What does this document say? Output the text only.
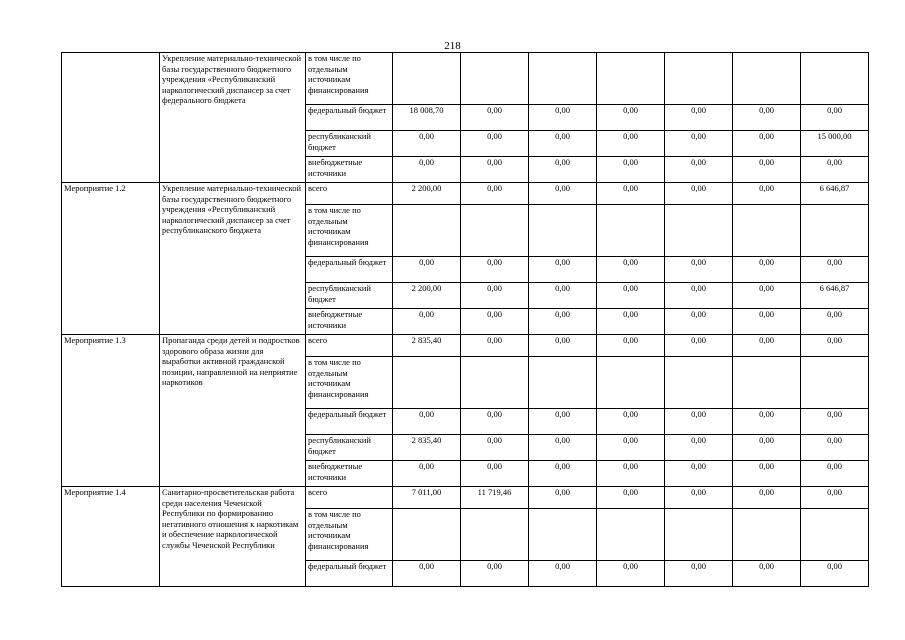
218
	Укрепление материально-технической базы государственного бюджетного учреждения «Республиканский наркологический диспансер за счет федерального бюджета	в том числе по отдельным источникам финансирования							
		федеральный бюджет	18 008,70	0,00	0,00	0,00	0,00	0,00	0,00
		республиканский бюджет	0,00	0,00	0,00	0,00	0,00	0,00	15 000,00
		внебюджетные источники	0,00	0,00	0,00	0,00	0,00	0,00	0,00
Мероприятие 1.2	Укрепление материально-технической базы государственного бюджетного учреждения «Республиканский наркологический диспансер за счет республиканского бюджета	всего	2 200,00	0,00	0,00	0,00	0,00	0,00	6 646,87
		в том числе по отдельным источникам финансирования							
		федеральный бюджет	0,00	0,00	0,00	0,00	0,00	0,00	0,00
		республиканский бюджет	2 200,00	0,00	0,00	0,00	0,00	0,00	6 646,87
		внебюджетные источники	0,00	0,00	0,00	0,00	0,00	0,00	0,00
Мероприятие 1.3	Пропаганда среди детей и подростков здорового образа жизни для выработки активной гражданской позиции, направленной на неприятие наркотиков	всего	2 835,40	0,00	0,00	0,00	0,00	0,00	0,00
		в том числе по отдельным источникам финансирования							
		федеральный бюджет	0,00	0,00	0,00	0,00	0,00	0,00	0,00
		республиканский бюджет	2 835,40	0,00	0,00	0,00	0,00	0,00	0,00
		внебюджетные источники	0,00	0,00	0,00	0,00	0,00	0,00	0,00
Мероприятие 1.4	Санитарно-просветительская работа среди населения Чеченской Республики по формированию негативного отношения к наркотикам и обеспечение наркологической службы Чеченской Республики	всего	7 011,00	11 719,46	0,00	0,00	0,00	0,00	0,00
		в том числе по отдельным источникам финансирования							
		федеральный бюджет	0,00	0,00	0,00	0,00	0,00	0,00	0,00
